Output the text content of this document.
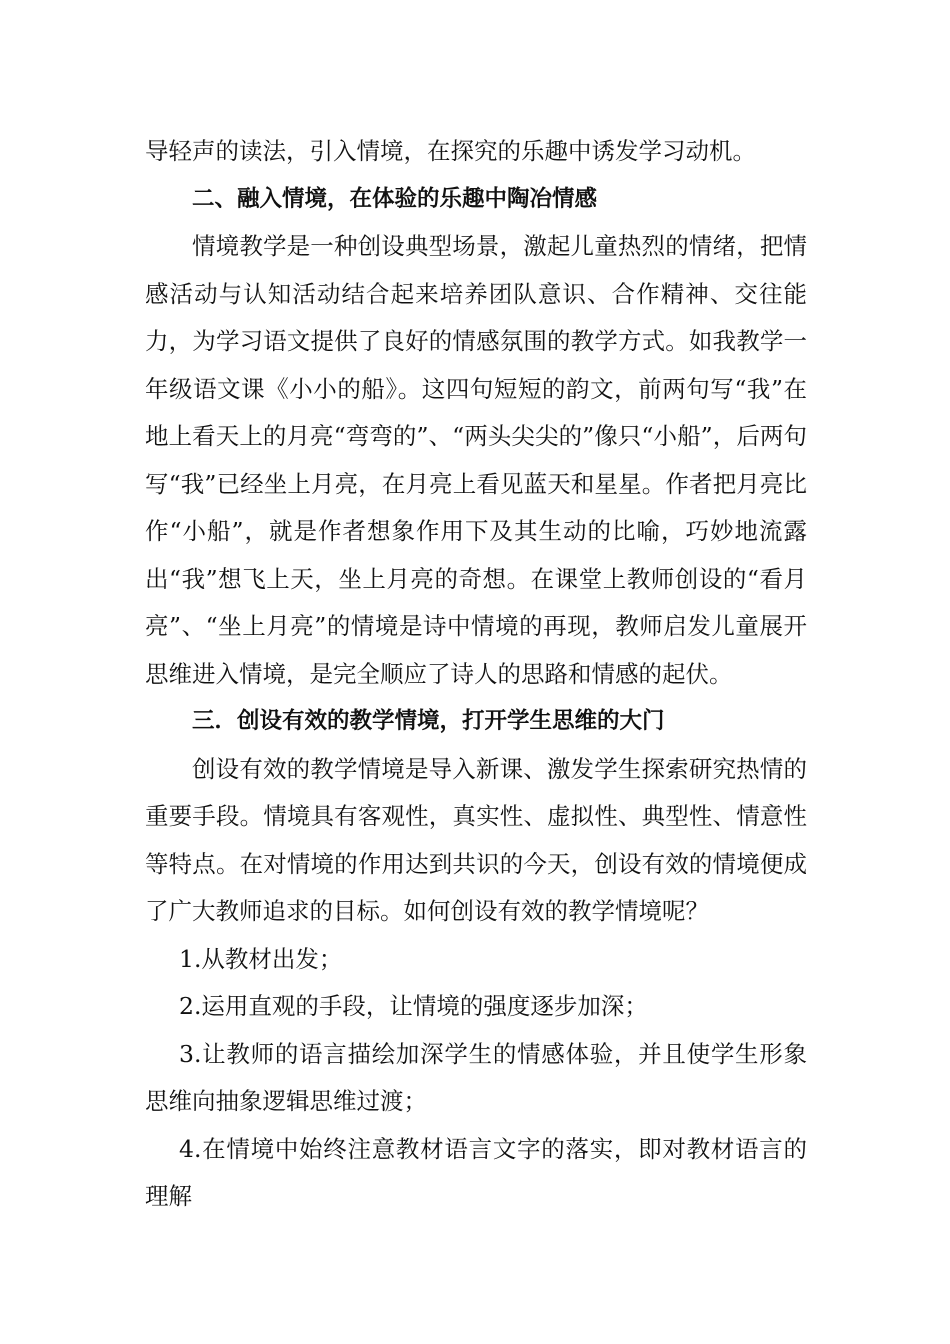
导轻声的读法，引入情境，在探究的乐趣中诱发学习动机。

二、融入情境，在体验的乐趣中陶冶情感

情境教学是一种创设典型场景，激起儿童热烈的情绪，把情感活动与认知活动结合起来培养团队意识、合作精神、交往能力，为学习语文提供了良好的情感氛围的教学方式。如我教学一年级语文课《小小的船》。这四句短短的韵文，前两句写“我”在地上看天上的月亮“弯弯的”、“两头尖尖的”像只“小船”，后两句写“我”已经坐上月亮，在月亮上看见蓝天和星星。作者把月亮比作“小船”，就是作者想象作用下及其生动的比喻，巧妙地流露出“我”想飞上天，坐上月亮的奇想。在课堂上教师创设的“看月亮”、“坐上月亮”的情境是诗中情境的再现，教师启发儿童展开思维进入情境，是完全顺应了诗人的思路和情感的起伏。

三．创设有效的教学情境，打开学生思维的大门

创设有效的教学情境是导入新课、激发学生探索研究热情的重要手段。情境具有客观性，真实性、虚拟性、典型性、情意性等特点。在对情境的作用达到共识的今天，创设有效的情境便成了广大教师追求的目标。如何创设有效的教学情境呢？

1.从教材出发；

2.运用直观的手段，让情境的强度逐步加深；

3.让教师的语言描绘加深学生的情感体验，并且使学生形象思维向抽象逻辑思维过渡；

4.在情境中始终注意教材语言文字的落实，即对教材语言的理解
